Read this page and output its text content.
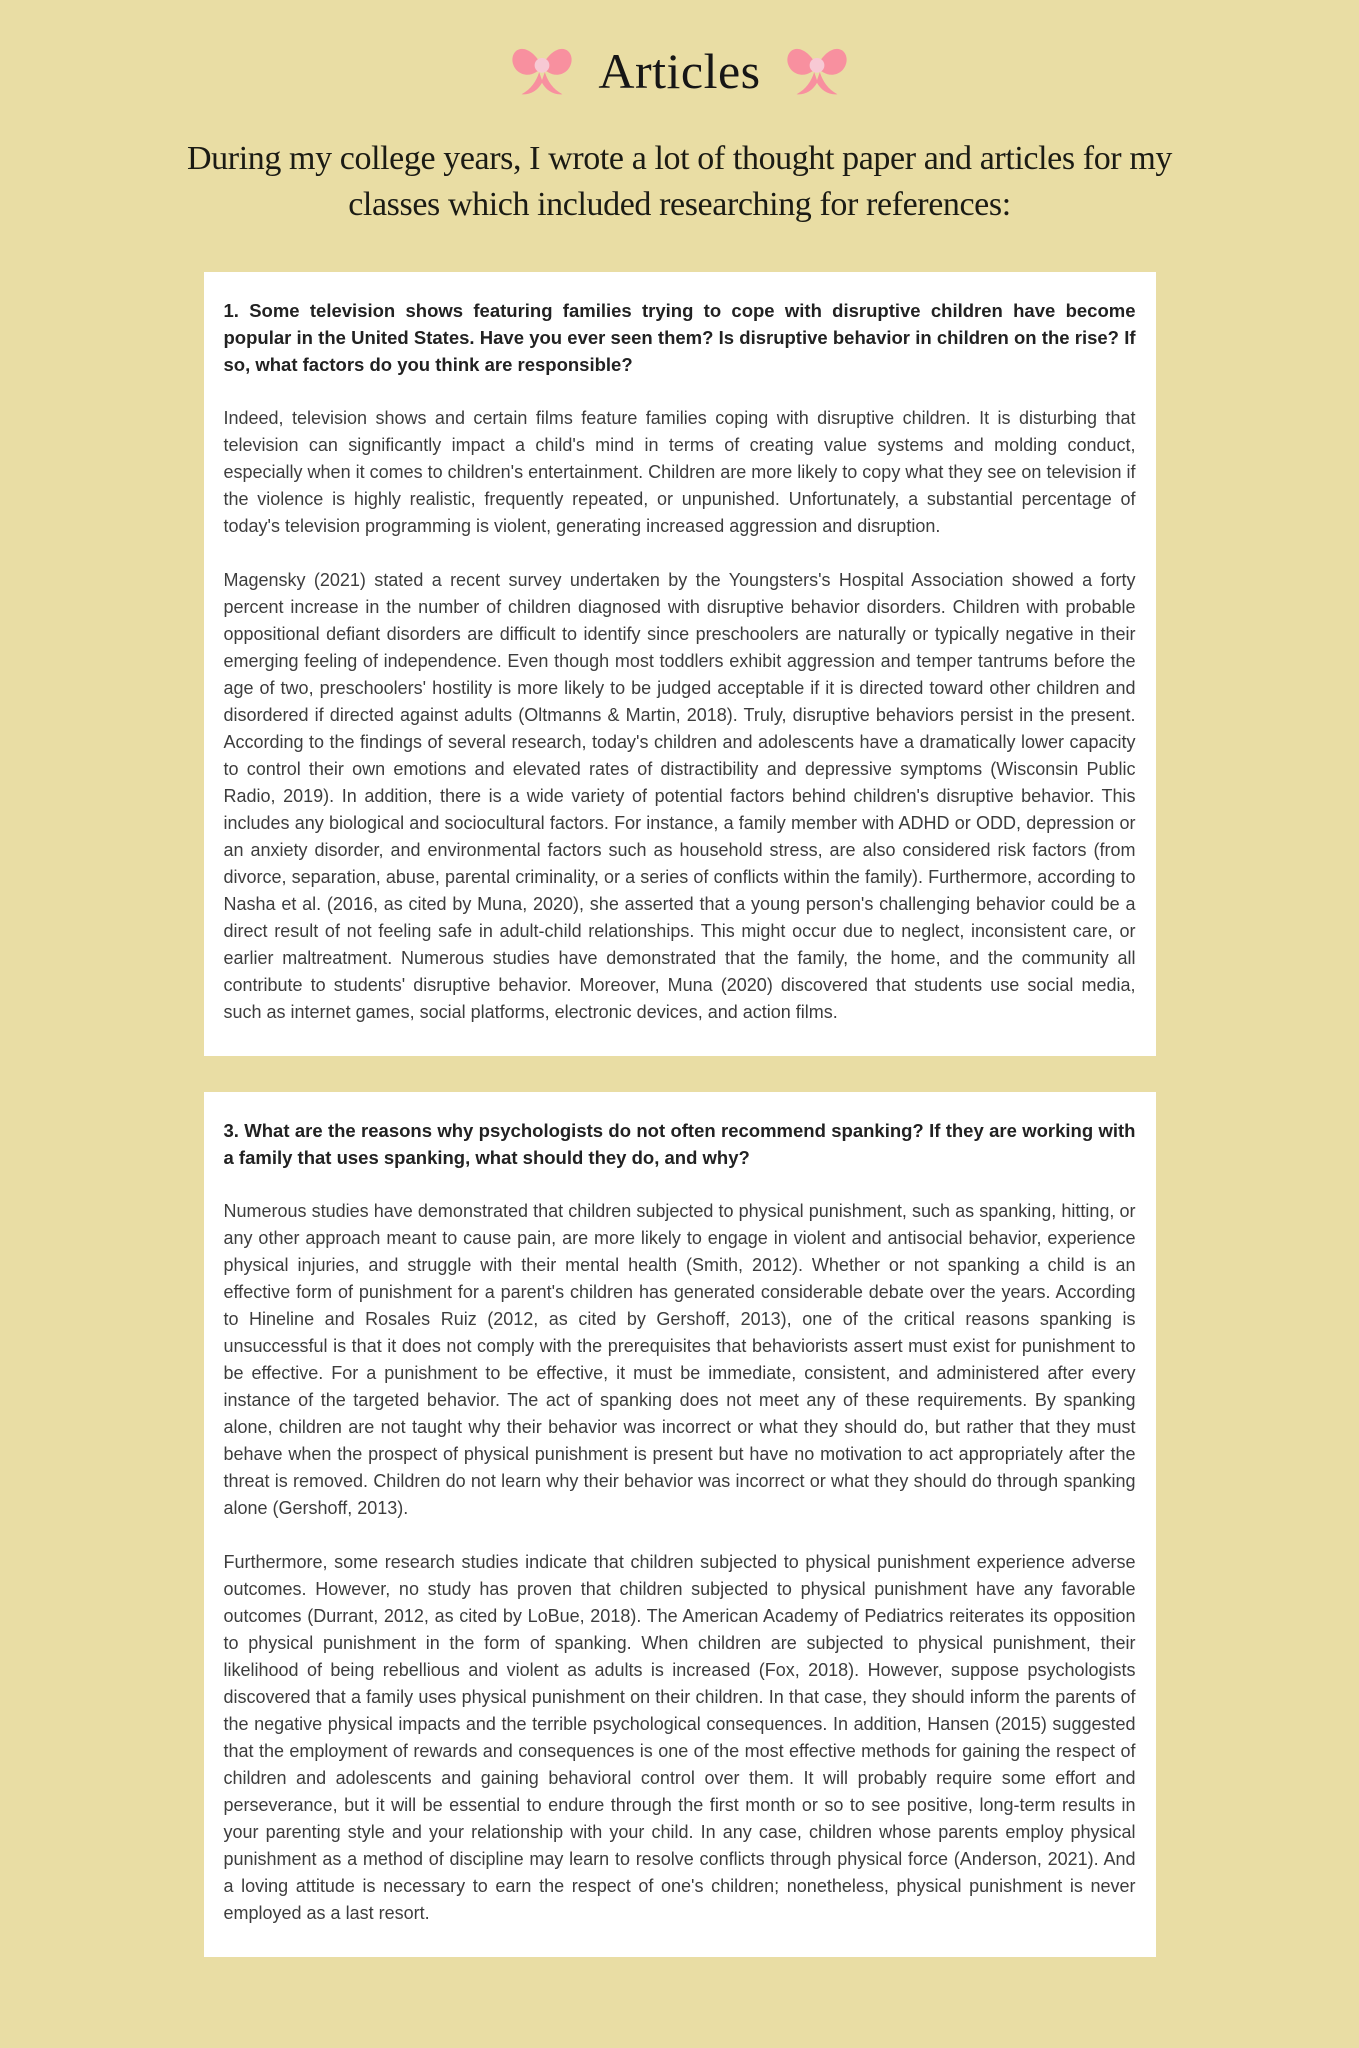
Articles

During my college years, I wrote a lot of thought paper and articles for my
classes which included researching for references:

1. Some television shows featuring families trying to cope with disruptive children have become popular in the United States. Have you ever seen them? Is disruptive behavior in children on the rise? If so, what factors do you think are responsible?

Indeed, television shows and certain films feature families coping with disruptive children. It is disturbing that television can significantly impact a child's mind in terms of creating value systems and molding conduct, especially when it comes to children's entertainment. Children are more likely to copy what they see on television if the violence is highly realistic, frequently repeated, or unpunished. Unfortunately, a substantial percentage of today's television programming is violent, generating increased aggression and disruption.

Magensky (2021) stated a recent survey undertaken by the Youngsters's Hospital Association showed a forty percent increase in the number of children diagnosed with disruptive behavior disorders. Children with probable oppositional defiant disorders are difficult to identify since preschoolers are naturally or typically negative in their emerging feeling of independence. Even though most toddlers exhibit aggression and temper tantrums before the age of two, preschoolers' hostility is more likely to be judged acceptable if it is directed toward other children and disordered if directed against adults (Oltmanns & Martin, 2018). Truly, disruptive behaviors persist in the present. According to the findings of several research, today's children and adolescents have a dramatically lower capacity to control their own emotions and elevated rates of distractibility and depressive symptoms (Wisconsin Public Radio, 2019). In addition, there is a wide variety of potential factors behind children's disruptive behavior. This includes any biological and sociocultural factors. For instance, a family member with ADHD or ODD, depression or an anxiety disorder, and environmental factors such as household stress, are also considered risk factors (from divorce, separation, abuse, parental criminality, or a series of conflicts within the family). Furthermore, according to Nasha et al. (2016, as cited by Muna, 2020), she asserted that a young person's challenging behavior could be a direct result of not feeling safe in adult-child relationships. This might occur due to neglect, inconsistent care, or earlier maltreatment. Numerous studies have demonstrated that the family, the home, and the community all contribute to students' disruptive behavior. Moreover, Muna (2020) discovered that students use social media, such as internet games, social platforms, electronic devices, and action films.

3. What are the reasons why psychologists do not often recommend spanking? If they are working with a family that uses spanking, what should they do, and why?

Numerous studies have demonstrated that children subjected to physical punishment, such as spanking, hitting, or any other approach meant to cause pain, are more likely to engage in violent and antisocial behavior, experience physical injuries, and struggle with their mental health (Smith, 2012). Whether or not spanking a child is an effective form of punishment for a parent's children has generated considerable debate over the years. According to Hineline and Rosales Ruiz (2012, as cited by Gershoff, 2013), one of the critical reasons spanking is unsuccessful is that it does not comply with the prerequisites that behaviorists assert must exist for punishment to be effective. For a punishment to be effective, it must be immediate, consistent, and administered after every instance of the targeted behavior. The act of spanking does not meet any of these requirements. By spanking alone, children are not taught why their behavior was incorrect or what they should do, but rather that they must behave when the prospect of physical punishment is present but have no motivation to act appropriately after the threat is removed. Children do not learn why their behavior was incorrect or what they should do through spanking alone (Gershoff, 2013).

Furthermore, some research studies indicate that children subjected to physical punishment experience adverse outcomes. However, no study has proven that children subjected to physical punishment have any favorable outcomes (Durrant, 2012, as cited by LoBue, 2018). The American Academy of Pediatrics reiterates its opposition to physical punishment in the form of spanking. When children are subjected to physical punishment, their likelihood of being rebellious and violent as adults is increased (Fox, 2018). However, suppose psychologists discovered that a family uses physical punishment on their children. In that case, they should inform the parents of the negative physical impacts and the terrible psychological consequences. In addition, Hansen (2015) suggested that the employment of rewards and consequences is one of the most effective methods for gaining the respect of children and adolescents and gaining behavioral control over them. It will probably require some effort and perseverance, but it will be essential to endure through the first month or so to see positive, long-term results in your parenting style and your relationship with your child. In any case, children whose parents employ physical punishment as a method of discipline may learn to resolve conflicts through physical force (Anderson, 2021). And a loving attitude is necessary to earn the respect of one's children; nonetheless, physical punishment is never employed as a last resort.
